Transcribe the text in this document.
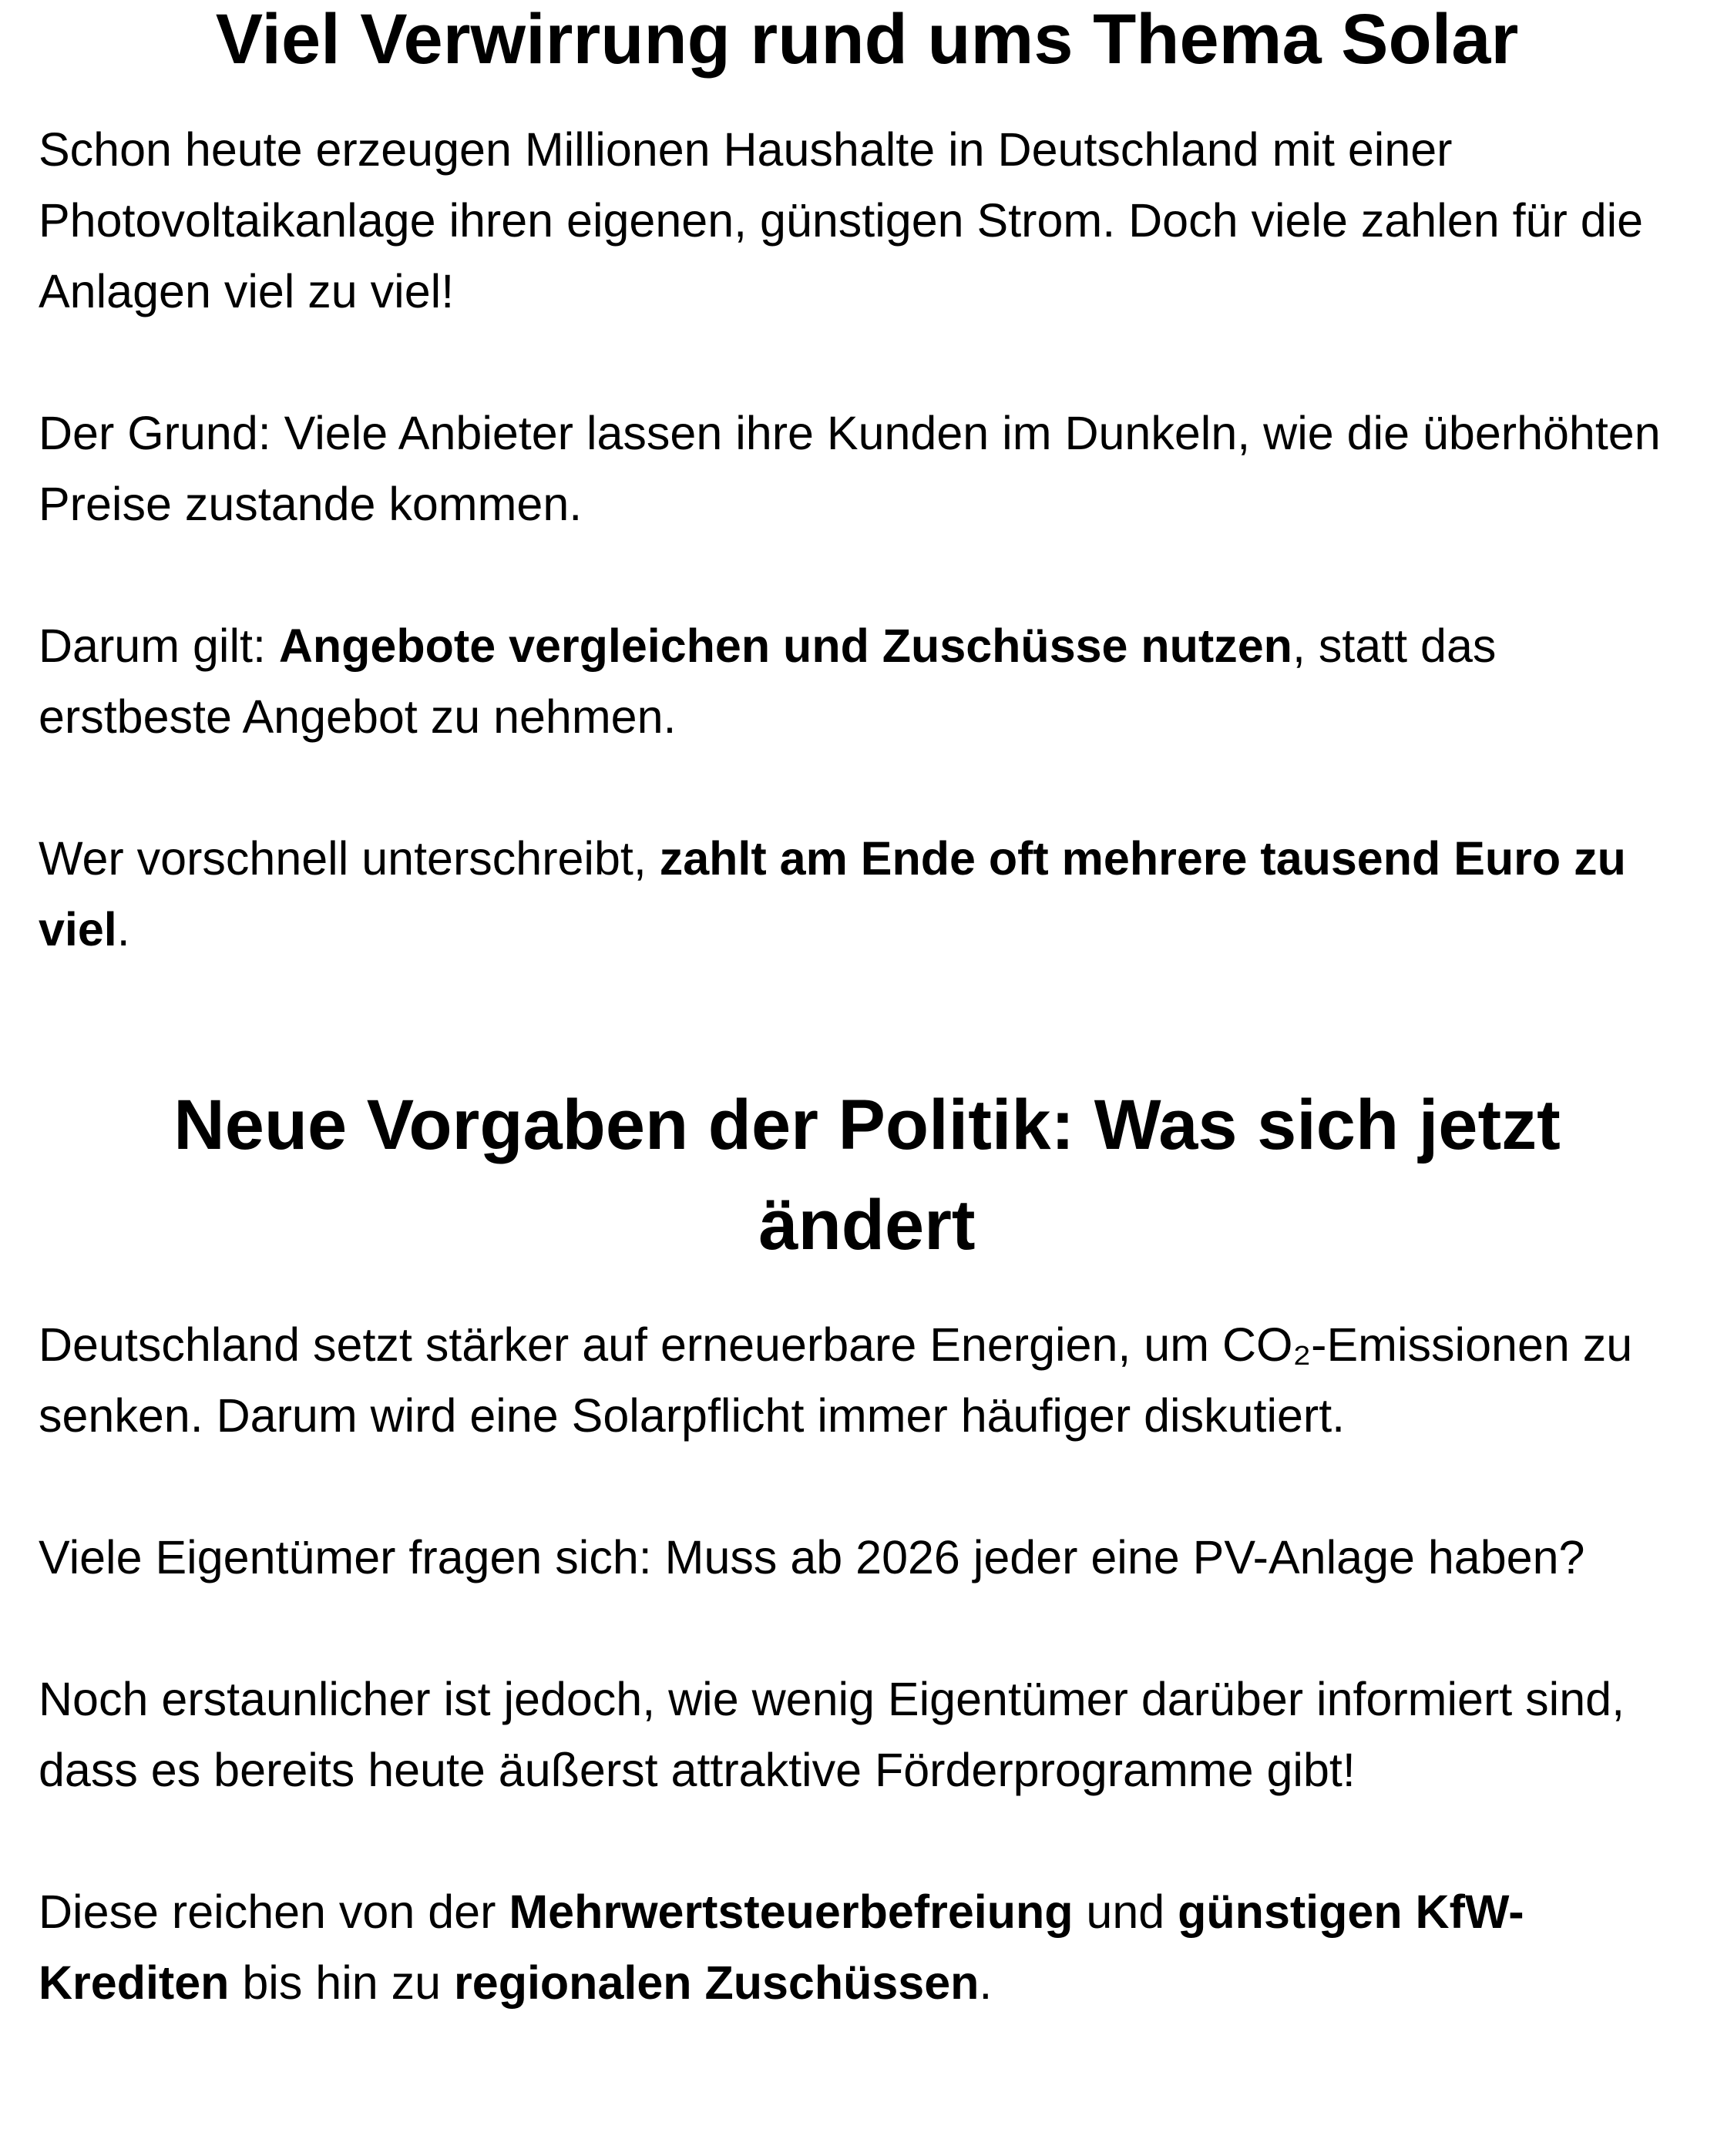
Viel Verwirrung rund ums Thema Solar

Schon heute erzeugen Millionen Haushalte in Deutschland mit einer Photovoltaikanlage ihren eigenen, günstigen Strom. Doch viele zahlen für die Anlagen viel zu viel!

Der Grund: Viele Anbieter lassen ihre Kunden im Dunkeln, wie die überhöhten Preise zustande kommen.

Darum gilt: Angebote vergleichen und Zuschüsse nutzen, statt das erstbeste Angebot zu nehmen.

Wer vorschnell unterschreibt, zahlt am Ende oft mehrere tausend Euro zu viel.

Neue Vorgaben der Politik: Was sich jetzt ändert

Deutschland setzt stärker auf erneuerbare Energien, um CO₂-Emissionen zu senken. Darum wird eine Solarpflicht immer häufiger diskutiert.

Viele Eigentümer fragen sich: Muss ab 2026 jeder eine PV-Anlage haben?

Noch erstaunlicher ist jedoch, wie wenig Eigentümer darüber informiert sind, dass es bereits heute äußerst attraktive Förderprogramme gibt!

Diese reichen von der Mehrwertsteuerbefreiung und günstigen KfW-Krediten bis hin zu regionalen Zuschüssen.
